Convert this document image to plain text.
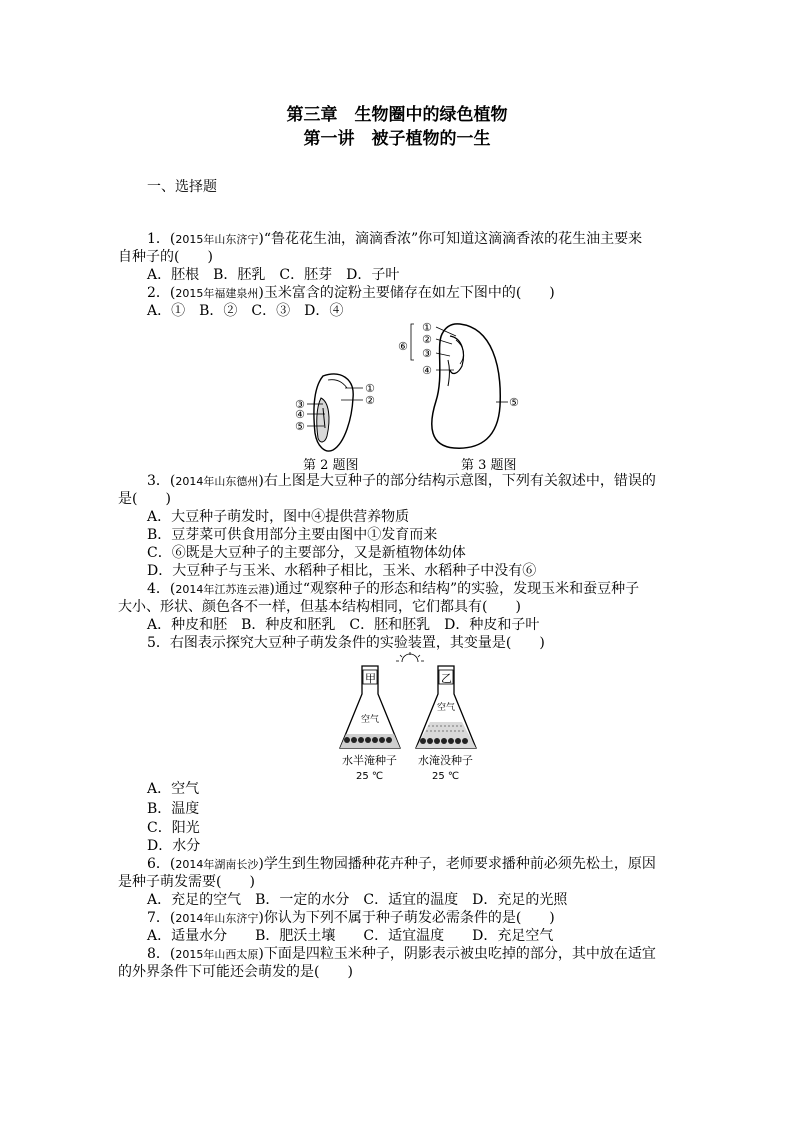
第三章　生物圈中的绿色植物
第一讲　被子植物的一生
一、选择题
1．(2015年山东济宁)“鲁花花生油，滴滴香浓”你可知道这滴滴香浓的花生油主要来
自种子的(　　)
A．胚根　B．胚乳　C．胚芽　D．子叶
2．(2015年福建泉州)玉米富含的淀粉主要储存在如左下图中的(　　)
A．①　B．②　C．③　D．④
①
②
③
④
⑤
第 2 题图
①
②
③
④
⑤
⑥
第 3 题图
3．(2014年山东德州)右上图是大豆种子的部分结构示意图，下列有关叙述中，错误的
是(　　)
A．大豆种子萌发时，图中④提供营养物质
B．豆芽菜可供食用部分主要由图中①发育而来
C．⑥既是大豆种子的主要部分，又是新植物体幼体
D．大豆种子与玉米、水稻种子相比，玉米、水稻种子中没有⑥
4．(2014年江苏连云港)通过“观察种子的形态和结构”的实验，发现玉米和蚕豆种子
大小、形状、颜色各不一样，但基本结构相同，它们都具有(　　)
A．种皮和胚　B．种皮和胚乳　C．胚和胚乳　D．种皮和子叶
5．右图表示探究大豆种子萌发条件的实验装置，其变量是(　　)
甲
空气
乙
空气
水半淹种子 水淹没种子
25 ℃	25 ℃
A．空气
B．温度
C．阳光
D．水分
6．(2014年湖南长沙)学生到生物园播种花卉种子，老师要求播种前必须先松土，原因
是种子萌发需要(　　)
A．充足的空气　B．一定的水分　C．适宜的温度　D．充足的光照
7．(2014年山东济宁)你认为下列不属于种子萌发必需条件的是(　　)
A．适量水分　　B．肥沃土壤　　C．适宜温度　　D．充足空气
8．(2015年山西太原)下面是四粒玉米种子，阴影表示被虫吃掉的部分，其中放在适宜
的外界条件下可能还会萌发的是(　　)
